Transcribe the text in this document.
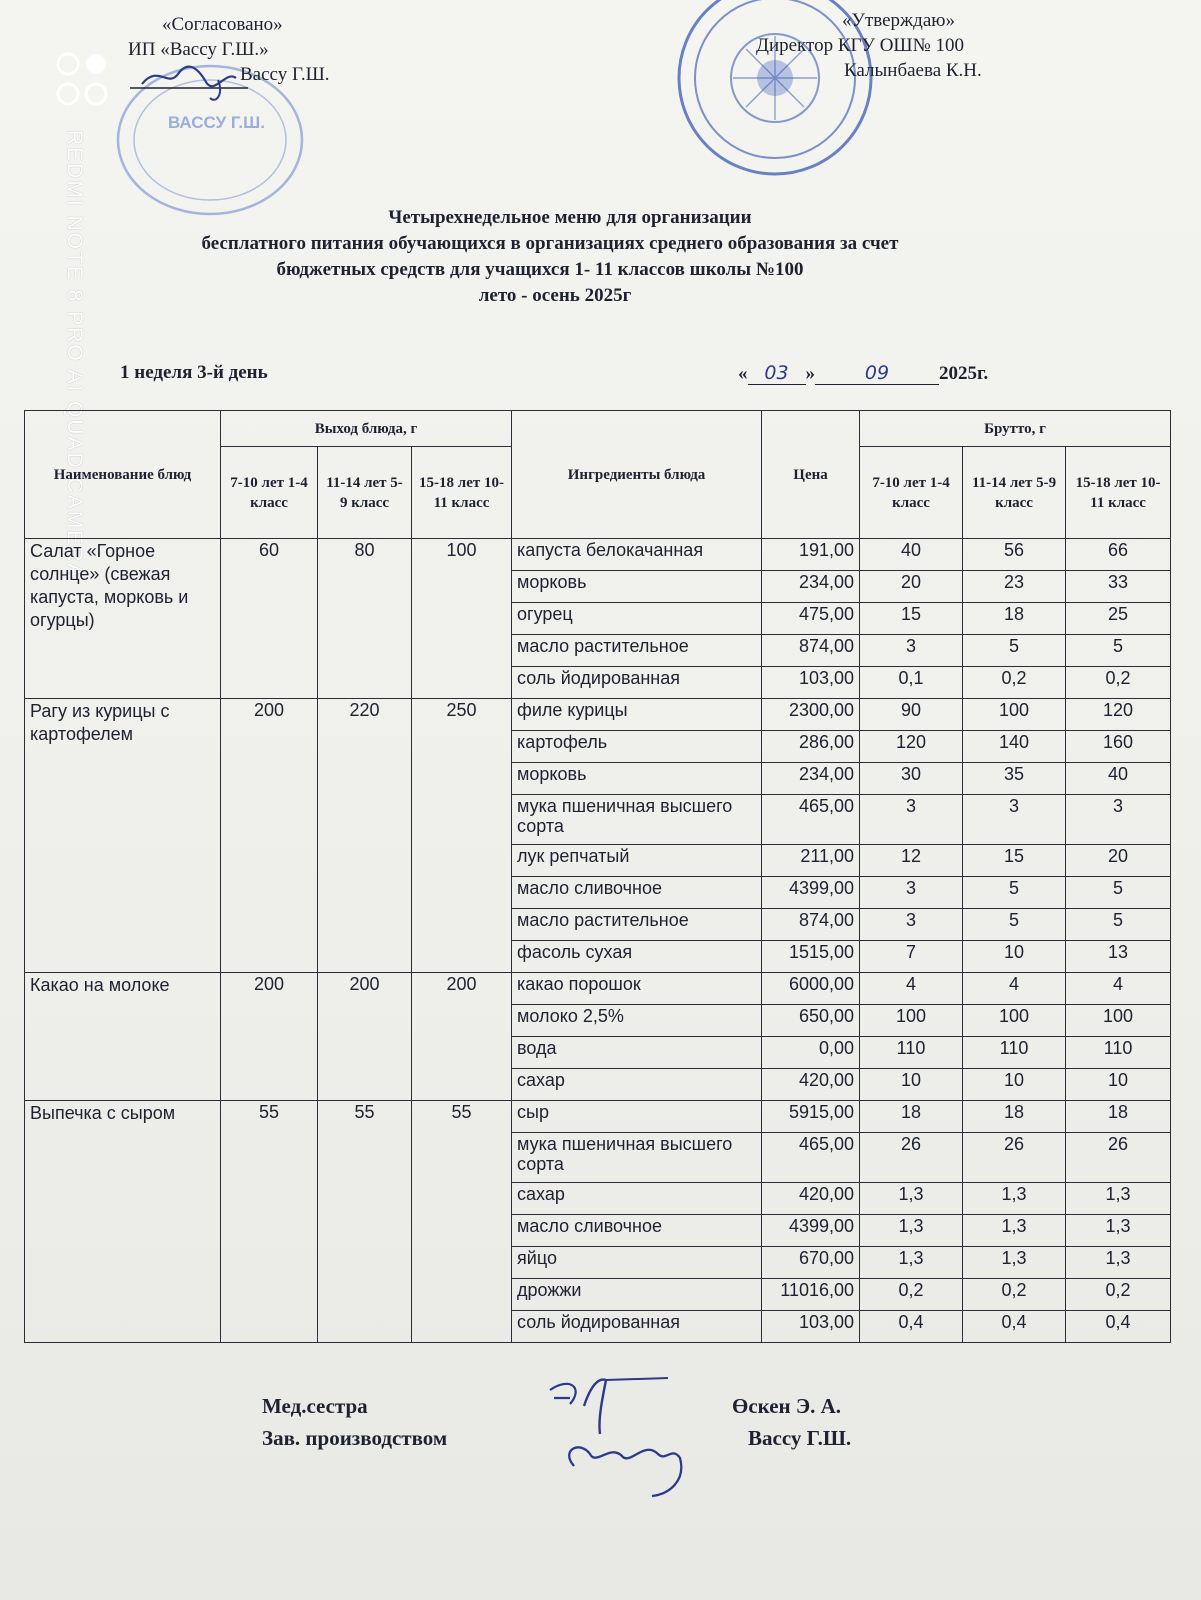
REDMI NOTE 8 PRO AI QUAD CAMERA
ВАССУ Г.Ш.
«Согласовано»
ИП «Вассу Г.Ш.»
Вассу Г.Ш.
«Утверждаю»
Директор КГУ ОШ№ 100
Калынбаева К.Н.
Четырехнедельное меню для организации
бесплатного питания обучающихся в организациях среднего образования за счет
бюджетных средств для учащихся 1- 11 классов школы №100
лето - осень 2025г
1 неделя 3-й день	« 03 »	09	2025г.
Наименование блюд	Выход блюда, г			Ингредиенты блюда	Цена	Брутто, г		
	7-10 лет 1-4 класс	11-14 лет 5-9 класс	15-18 лет 10-11 класс			7-10 лет 1-4 класс	11-14 лет 5-9 класс	15-18 лет 10-11 класс
Салат «Горное солнце» (свежая капуста, морковь и огурцы)	60	80	100	капуста белокачанная	191,00	40	56	66
				морковь	234,00	20	23	33
				огурец	475,00	15	18	25
				масло растительное	874,00	3	5	5
				соль йодированная	103,00	0,1	0,2	0,2
Рагу из курицы с картофелем	200	220	250	филе курицы	2300,00	90	100	120
				картофель	286,00	120	140	160
				морковь	234,00	30	35	40
				мука пшеничная высшего сорта	465,00	3	3	3
				лук репчатый	211,00	12	15	20
				масло сливочное	4399,00	3	5	5
				масло растительное	874,00	3	5	5
				фасоль сухая	1515,00	7	10	13
Какао на молоке	200	200	200	какао порошок	6000,00	4	4	4
				молоко 2,5%	650,00	100	100	100
				вода	0,00	110	110	110
				сахар	420,00	10	10	10
Выпечка с сыром	55	55	55	сыр	5915,00	18	18	18
				мука пшеничная высшего сорта	465,00	26	26	26
				сахар	420,00	1,3	1,3	1,3
				масло сливочное	4399,00	1,3	1,3	1,3
				яйцо	670,00	1,3	1,3	1,3
				дрожжи	11016,00	0,2	0,2	0,2
				соль йодированная	103,00	0,4	0,4	0,4
Мед.сестра	Өскен Э. А.
Зав. производством	Вассу Г.Ш.
